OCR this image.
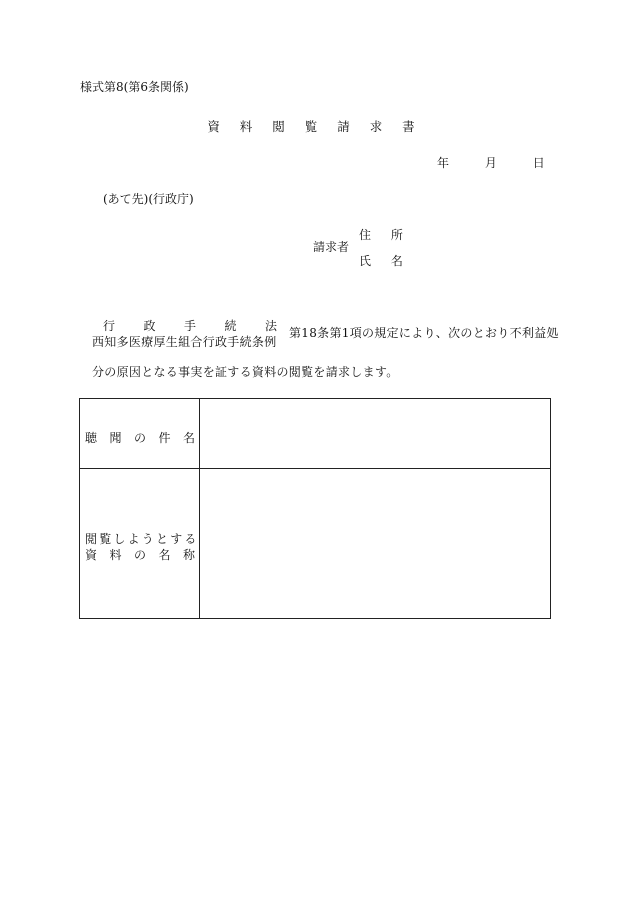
様式第8(第6条関係)
資 料 閲 覧 請 求 書
年	月	日
(あて先)(行政庁)
請求者
住 所
氏 名
行 政 手 続 法
西知多医療厚生組合行政手続条例
第18条第1項の規定により、次のとおり不利益処
分の原因となる事実を証する資料の閲覧を請求します。
聴 聞 の 件 名
閲覧しようとする
資 料 の 名 称
